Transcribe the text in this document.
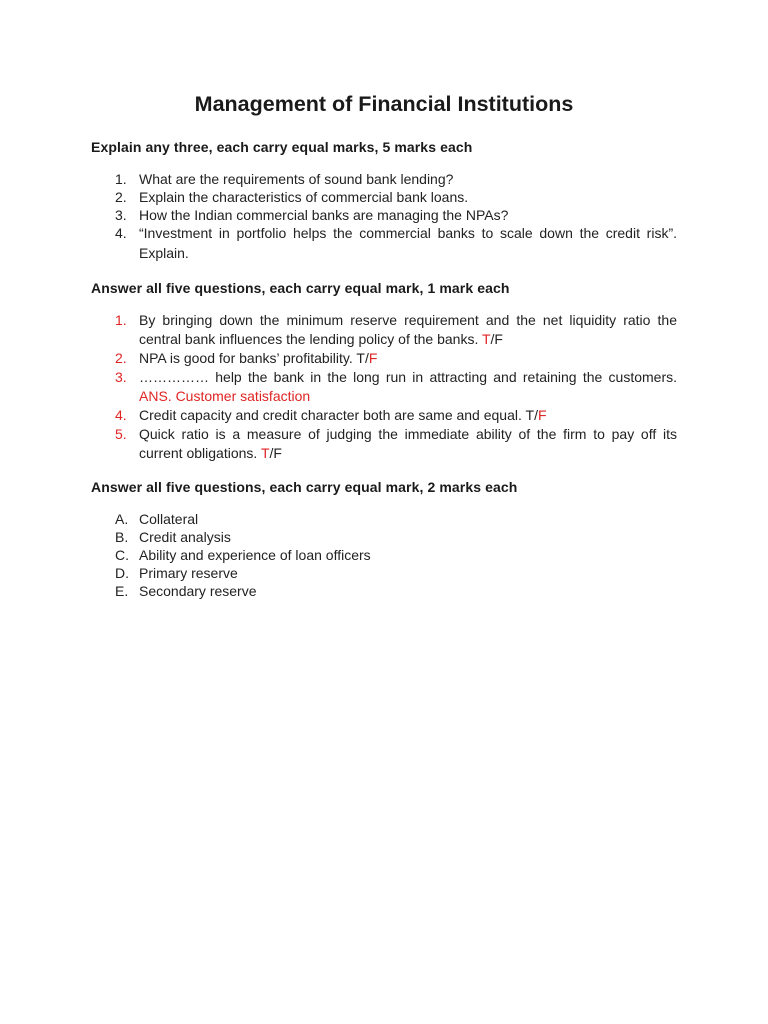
Management of Financial Institutions

Explain any three, each carry equal marks, 5 marks each

1. What are the requirements of sound bank lending?
2. Explain the characteristics of commercial bank loans.
3. How the Indian commercial banks are managing the NPAs?
4. “Investment in portfolio helps the commercial banks to scale down the credit risk”. Explain.

Answer all five questions, each carry equal mark, 1 mark each

1. By bringing down the minimum reserve requirement and the net liquidity ratio the central bank influences the lending policy of the banks. T/F
2. NPA is good for banks’ profitability. T/F
3. …………… help the bank in the long run in attracting and retaining the customers. ANS. Customer satisfaction
4. Credit capacity and credit character both are same and equal. T/F
5. Quick ratio is a measure of judging the immediate ability of the firm to pay off its current obligations. T/F

Answer all five questions, each carry equal mark, 2 marks each

A. Collateral
B. Credit analysis
C. Ability and experience of loan officers
D. Primary reserve
E. Secondary reserve
